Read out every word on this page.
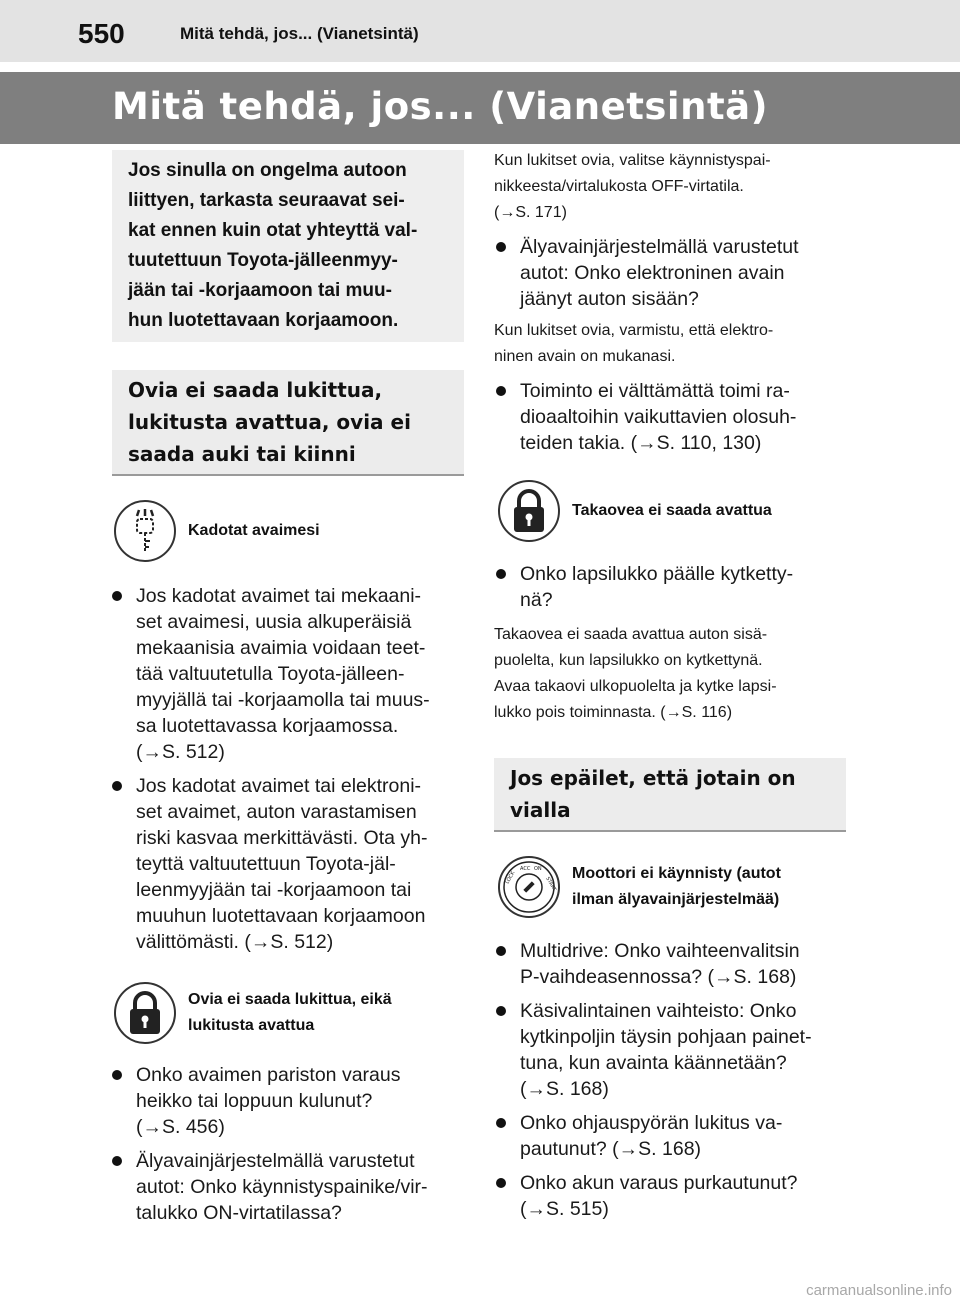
550	Mitä tehdä, jos... (Vianetsintä)
Mitä tehdä, jos... (Vianetsintä)
Jos sinulla on ongelma autoon
liittyen, tarkasta seuraavat sei-
kat ennen kuin otat yhteyttä val-
tuutettuun Toyota-jälleenmyy-
jään tai -korjaamoon tai muu-
hun luotettavaan korjaamoon.
Ovia ei saada lukittua,
lukitusta avattua, ovia ei
saada auki tai kiinni
Kadotat avaimesi
Jos kadotat avaimet tai mekaani-
set avaimesi, uusia alkuperäisiä
mekaanisia avaimia voidaan teet-
tää valtuutetulla Toyota-jälleen-
myyjällä tai -korjaamolla tai muus-
sa luotettavassa korjaamossa.
(→S. 512)
Jos kadotat avaimet tai elektroni-
set avaimet, auton varastamisen
riski kasvaa merkittävästi. Ota yh-
teyttä valtuutettuun Toyota-jäl-
leenmyyjään tai -korjaamoon tai
muuhun luotettavaan korjaamoon
välittömästi. (→S. 512)
Ovia ei saada lukittua, eikä
lukitusta avattua
Onko avaimen pariston varaus
heikko tai loppuun kulunut?
(→S. 456)
Älyavainjärjestelmällä varustetut
autot: Onko käynnistyspainike/vir-
talukko ON-virtatilassa?
Kun lukitset ovia, valitse käynnistyspai-
nikkeesta/virtalukosta OFF-virtatila.
(→S. 171)
Älyavainjärjestelmällä varustetut
autot: Onko elektroninen avain
jäänyt auton sisään?
Kun lukitset ovia, varmistu, että elektro-
ninen avain on mukanasi.
Toiminto ei välttämättä toimi ra-
dioaaltoihin vaikuttavien olosuh-
teiden takia. (→S. 110, 130)
Takaovea ei saada avattua
Onko lapsilukko päälle kytketty-
nä?
Takaovea ei saada avattua auton sisä-
puolelta, kun lapsilukko on kytkettynä.
Avaa takaovi ulkopuolelta ja kytke lapsi-
lukko pois toiminnasta. (→S. 116)
Jos epäilet, että jotain on
vialla
LOCK
ACC ON
START
Moottori ei käynnisty (autot
ilman älyavainjärjestelmää)
Multidrive: Onko vaihteenvalitsin
P-vaihdeasennossa? (→S. 168)
Käsivalintainen vaihteisto: Onko
kytkinpoljin täysin pohjaan painet-
tuna, kun avainta käännetään?
(→S. 168)
Onko ohjauspyörän lukitus va-
pautunut? (→S. 168)
Onko akun varaus purkautunut?
(→S. 515)
carmanualsonline.info
